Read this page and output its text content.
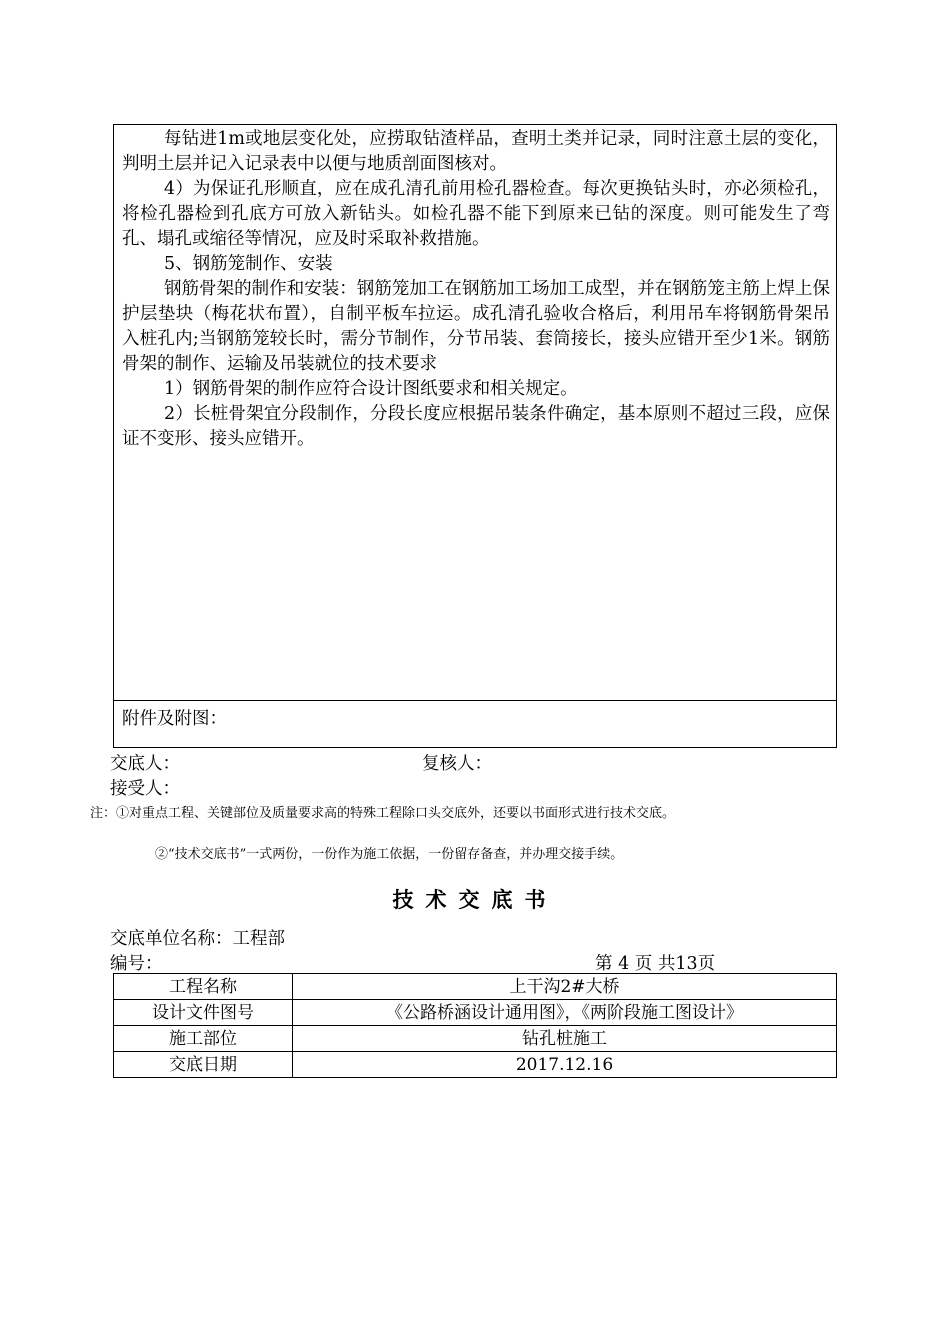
每钻进1m或地层变化处，应捞取钻渣样品，查明土类并记录，同时注意土层的变化，判明土层并记入记录表中以便与地质剖面图核对。

4）为保证孔形顺直，应在成孔清孔前用检孔器检查。每次更换钻头时，亦必须检孔，将检孔器检到孔底方可放入新钻头。如检孔器不能下到原来已钻的深度。则可能发生了弯孔、塌孔或缩径等情况，应及时采取补救措施。

5、钢筋笼制作、安装

钢筋骨架的制作和安装：钢筋笼加工在钢筋加工场加工成型，并在钢筋笼主筋上焊上保护层垫块（梅花状布置），自制平板车拉运。成孔清孔验收合格后，利用吊车将钢筋骨架吊入桩孔内;当钢筋笼较长时，需分节制作，分节吊装、套筒接长，接头应错开至少1米。钢筋骨架的制作、运输及吊装就位的技术要求

1）钢筋骨架的制作应符合设计图纸要求和相关规定。

2）长桩骨架宜分段制作，分段长度应根据吊装条件确定，基本原则不超过三段，应保证不变形、接头应错开。

附件及附图：
交底人：	复核人：
接受人：
注：①对重点工程、关键部位及质量要求高的特殊工程除口头交底外，还要以书面形式进行技术交底。
②“技术交底书”一式两份，一份作为施工依据，一份留存备查，并办理交接手续。
技术交底书
交底单位名称：工程部
编号：	第 4 页 共13页
工程名称	上干沟2#大桥
设计文件图号	《公路桥涵设计通用图》，《两阶段施工图设计》
施工部位	钻孔桩施工
交底日期	2017.12.16
